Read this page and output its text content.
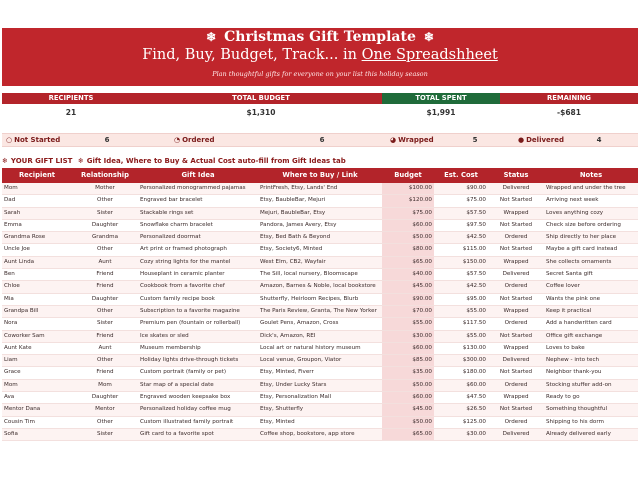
❄ Christmas Gift Template ❄
Find, Buy, Budget, Track... in One Spreadshheet
Plan thoughtful gifts for everyone on your list this holiday season
RECIPIENTS	TOTAL BUDGET	TOTAL SPENT	REMAINING
21	$1,310	$1,991	-$681
○ Not Started	6	◔ Ordered	6	◕ Wrapped	5	● Delivered	4
❄ YOUR GIFT LIST ❄ Gift Idea, Where to Buy & Actual Cost auto-fill from Gift Ideas tab
Recipient	Relationship	Gift Idea	Where to Buy / Link	Budget	Est. Cost	Status	Notes
Mom	Mother	Personalized monogrammed pajamas	PrintFresh, Etsy, Lands' End	$100.00	$90.00	Delivered	Wrapped and under the tree
Dad	Other	Engraved bar bracelet	Etsy, BaubleBar, Mejuri	$120.00	$75.00	Not Started	Arriving next week
Sarah	Sister	Stackable rings set	Mejuri, BaubleBar, Etsy	$75.00	$57.50	Wrapped	Loves anything cozy
Emma	Daughter	Snowflake charm bracelet	Pandora, James Avery, Etsy	$60.00	$97.50	Not Started	Check size before ordering
Grandma Rose	Grandma	Personalized doormat	Etsy, Bed Bath & Beyond	$50.00	$42.50	Ordered	Ship directly to her place
Uncle Joe	Other	Art print or framed photograph	Etsy, Society6, Minted	$80.00	$115.00	Not Started	Maybe a gift card instead
Aunt Linda	Aunt	Cozy string lights for the mantel	West Elm, CB2, Wayfair	$65.00	$150.00	Wrapped	She collects ornaments
Ben	Friend	Houseplant in ceramic planter	The Sill, local nursery, Bloomscape	$40.00	$57.50	Delivered	Secret Santa gift
Chloe	Friend	Cookbook from a favorite chef	Amazon, Barnes & Noble, local bookstore	$45.00	$42.50	Ordered	Coffee lover
Mia	Daughter	Custom family recipe book	Shutterfly, Heirloom Recipes, Blurb	$90.00	$95.00	Not Started	Wants the pink one
Grandpa Bill	Other	Subscription to a favorite magazine	The Paris Review, Granta, The New Yorker	$70.00	$55.00	Wrapped	Keep it practical
Nora	Sister	Premium pen (fountain or rollerball)	Goulet Pens, Amazon, Cross	$55.00	$117.50	Ordered	Add a handwritten card
Coworker Sam	Friend	Ice skates or sled	Dick's, Amazon, REI	$30.00	$55.00	Not Started	Office gift exchange
Aunt Kate	Aunt	Museum membership	Local art or natural history museum	$60.00	$130.00	Wrapped	Loves to bake
Liam	Other	Holiday lights drive-through tickets	Local venue, Groupon, Viator	$85.00	$300.00	Delivered	Nephew - into tech
Grace	Friend	Custom portrait (family or pet)	Etsy, Minted, Fiverr	$35.00	$180.00	Not Started	Neighbor thank-you
Mom	Mom	Star map of a special date	Etsy, Under Lucky Stars	$50.00	$60.00	Ordered	Stocking stuffer add-on
Ava	Daughter	Engraved wooden keepsake box	Etsy, Personalization Mall	$60.00	$47.50	Wrapped	Ready to go
Mentor Dana	Mentor	Personalized holiday coffee mug	Etsy, Shutterfly	$45.00	$26.50	Not Started	Something thoughtful
Cousin Tim	Other	Custom illustrated family portrait	Etsy, Minted	$50.00	$125.00	Ordered	Shipping to his dorm
Sofia	Sister	Gift card to a favorite spot	Coffee shop, bookstore, app store	$65.00	$30.00	Delivered	Already delivered early
